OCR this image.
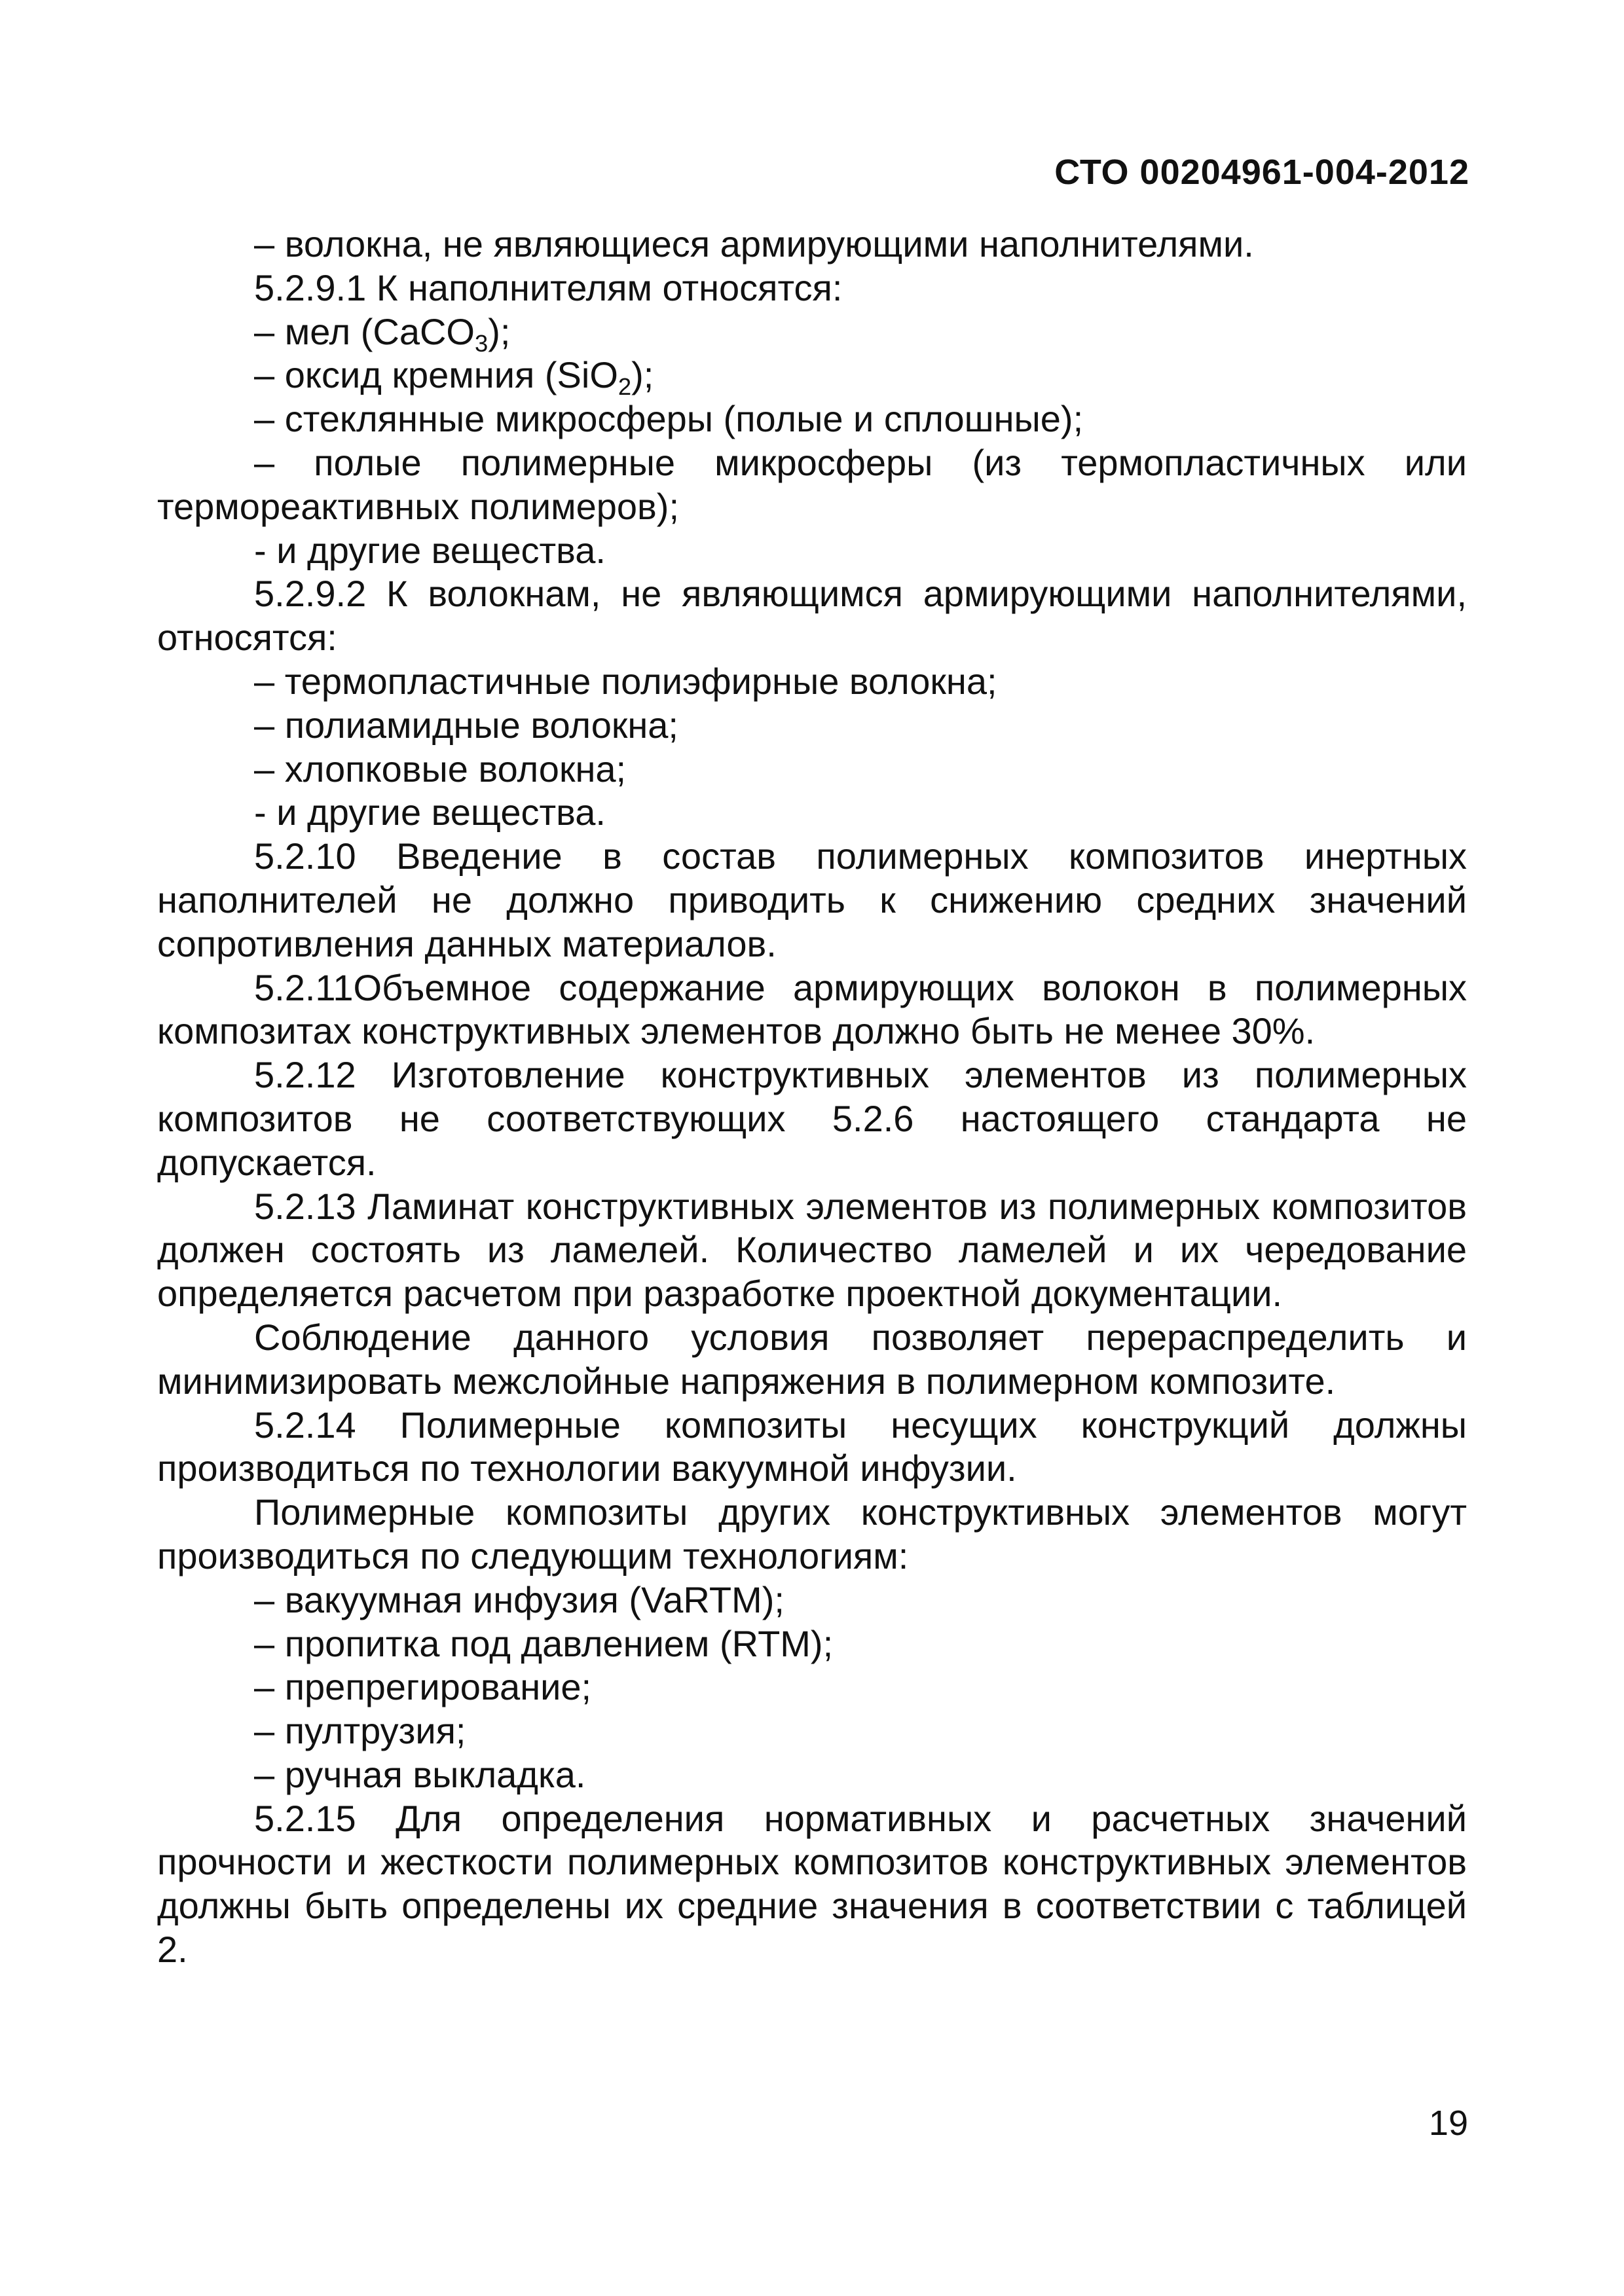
СТО 00204961-004-2012

– волокна, не являющиеся армирующими наполнителями.

5.2.9.1 К наполнителям относятся:

– мел (CaCO$_3$);

– оксид кремния (SiO$_2$);

– стеклянные микросферы (полые и сплошные);

– полые полимерные микросферы (из термопластичных или термореактивных полимеров);

- и другие вещества.

5.2.9.2 К волокнам, не являющимся армирующими наполнителями, относятся:

– термопластичные полиэфирные волокна;

– полиамидные волокна;

– хлопковые волокна;

- и другие вещества.

5.2.10 Введение в состав полимерных композитов инертных наполнителей не должно приводить к снижению средних значений сопротивления данных материалов.

5.2.11Объемное содержание армирующих волокон в полимерных композитах конструктивных элементов должно быть не менее 30%.

5.2.12 Изготовление конструктивных элементов из полимерных композитов не соответствующих 5.2.6 настоящего стандарта не допускается.

5.2.13 Ламинат конструктивных элементов из полимерных композитов должен состоять из ламелей. Количество ламелей и их чередование определяется расчетом при разработке проектной документации.

Соблюдение данного условия позволяет перераспределить и минимизировать межслойные напряжения в полимерном композите.

5.2.14 Полимерные композиты несущих конструкций должны производиться по технологии вакуумной инфузии.

Полимерные композиты других конструктивных элементов могут производиться по следующим технологиям:

– вакуумная инфузия (VaRTM);

– пропитка под давлением (RTM);

– препрегирование;

– пултрузия;

– ручная выкладка.

5.2.15 Для определения нормативных и расчетных значений прочности и жесткости полимерных композитов конструктивных элементов должны быть определены их средние значения в соответствии с таблицей 2.

19
